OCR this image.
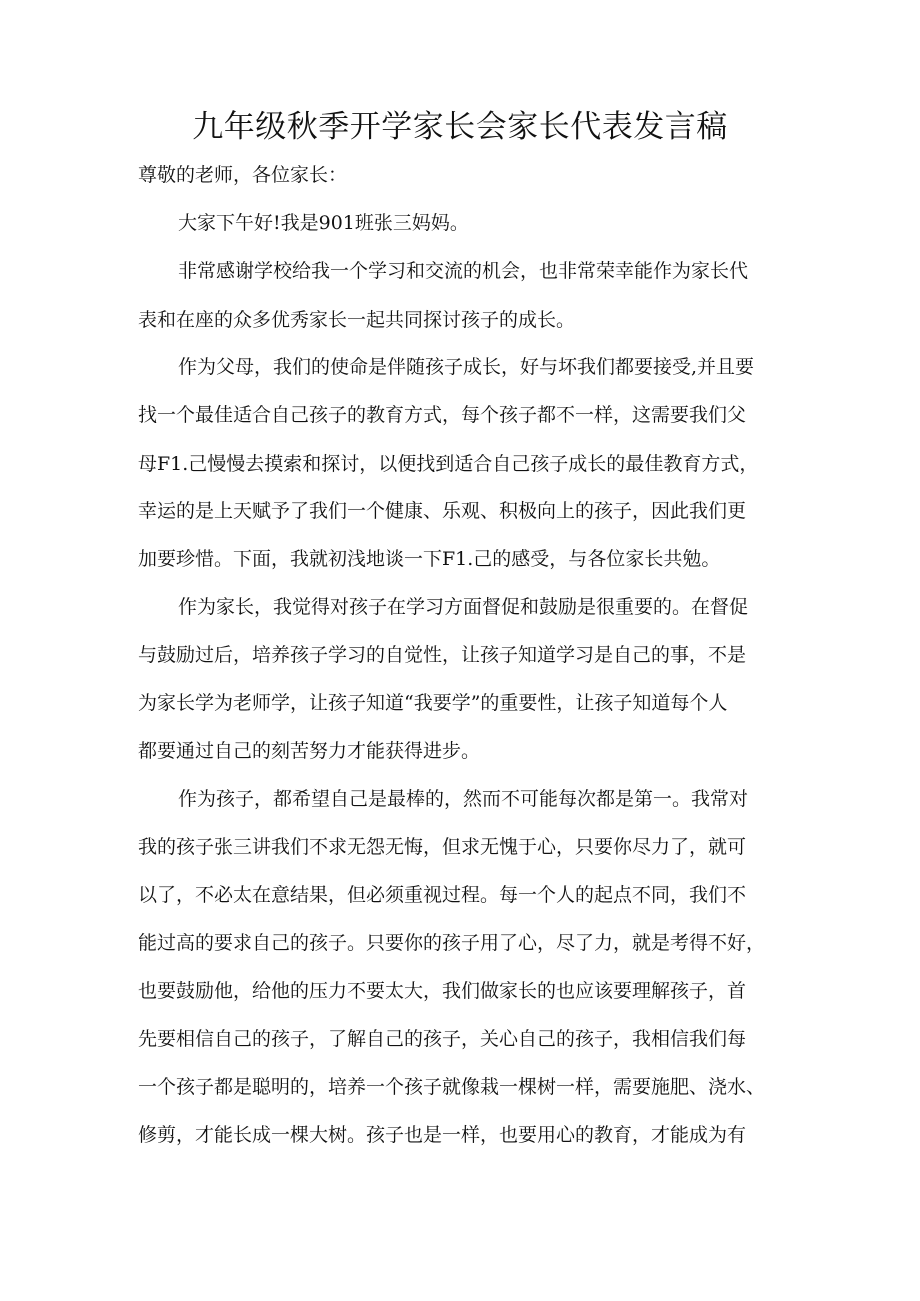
九年级秋季开学家长会家长代表发言稿
尊敬的老师，各位家长：
大家下午好!我是901班张三妈妈。
非常感谢学校给我一个学习和交流的机会，也非常荣幸能作为家长代
表和在座的众多优秀家长一起共同探讨孩子的成长。
作为父母，我们的使命是伴随孩子成长，好与坏我们都要接受,并且要
找一个最佳适合自己孩子的教育方式，每个孩子都不一样，这需要我们父
母F1.己慢慢去摸索和探讨，以便找到适合自己孩子成长的最佳教育方式，
幸运的是上天赋予了我们一个健康、乐观、积极向上的孩子，因此我们更
加要珍惜。下面，我就初浅地谈一下F1.己的感受，与各位家长共勉。
作为家长，我觉得对孩子在学习方面督促和鼓励是很重要的。在督促
与鼓励过后，培养孩子学习的自觉性，让孩子知道学习是自己的事，不是
为家长学为老师学，让孩子知道“我要学”的重要性，让孩子知道每个人
都要通过自己的刻苦努力才能获得进步。
作为孩子，都希望自己是最棒的，然而不可能每次都是第一。我常对
我的孩子张三讲我们不求无怨无悔，但求无愧于心，只要你尽力了，就可
以了，不必太在意结果，但必须重视过程。每一个人的起点不同，我们不
能过高的要求自己的孩子。只要你的孩子用了心，尽了力，就是考得不好，
也要鼓励他，给他的压力不要太大，我们做家长的也应该要理解孩子，首
先要相信自己的孩子，了解自己的孩子，关心自己的孩子，我相信我们每
一个孩子都是聪明的，培养一个孩子就像栽一棵树一样，需要施肥、浇水、
修剪，才能长成一棵大树。孩子也是一样，也要用心的教育，才能成为有
